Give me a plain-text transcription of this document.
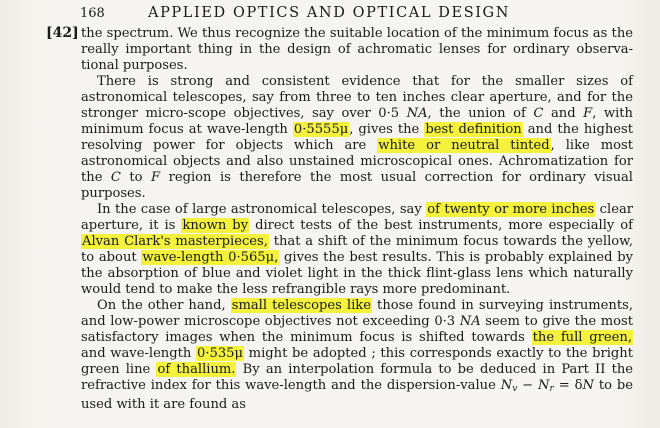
168	APPLIED OPTICS AND OPTICAL DESIGN
[42] the spectrum. We thus recognize the suitable location of the minimum focus as the really important thing in the design of achromatic lenses for ordinary observa-tional purposes.

There is strong and consistent evidence that for the smaller sizes of astronomical telescopes, say from three to ten inches clear aperture, and for the stronger micro-scope objectives, say over 0·5 NA, the union of C and F, with minimum focus at wave-length 0·5555μ, gives the best definition and the highest resolving power for objects which are white or neutral tinted, like most astronomical objects and also unstained microscopical ones. Achromatization for the C to F region is therefore the most usual correction for ordinary visual purposes.

In the case of large astronomical telescopes, say of twenty or more inches clear aperture, it is known by direct tests of the best instruments, more especially of Alvan Clark's masterpieces, that a shift of the minimum focus towards the yellow, to about wave-length 0·565μ, gives the best results. This is probably explained by the absorption of blue and violet light in the thick flint-glass lens which naturally would tend to make the less refrangible rays more predominant.

On the other hand, small telescopes like those found in surveying instruments, and low-power microscope objectives not exceeding 0·3 NA seem to give the most satisfactory images when the minimum focus is shifted towards the full green, and wave-length 0·535μ might be adopted ; this corresponds exactly to the bright green line of thallium. By an interpolation formula to be deduced in Part II the refractive index for this wave-length and the dispersion-value $N_v - N_r = \delta N$ to be used with it are found as
